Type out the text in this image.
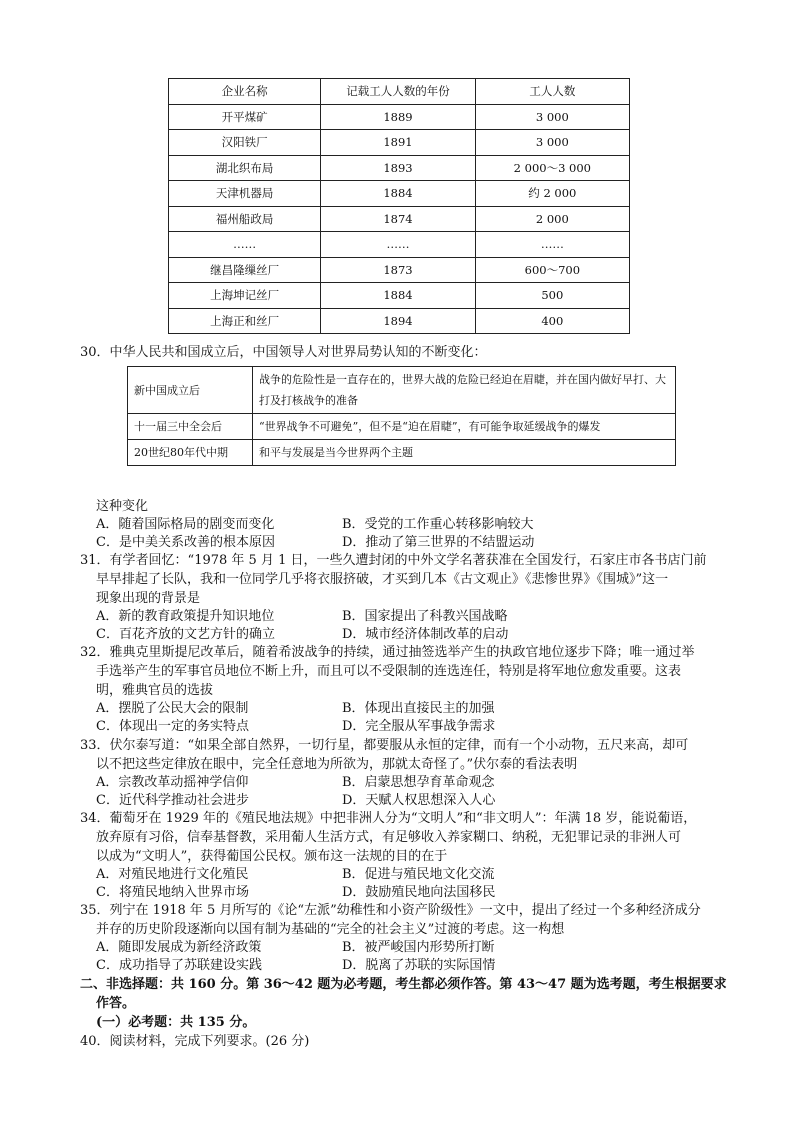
企业名称	记载工人人数的年份	工人人数
开平煤矿	1889	3 000
汉阳铁厂	1891	3 000
湖北织布局	1893	2 000～3 000
天津机器局	1884	约 2 000
福州船政局	1874	2 000
……	……	……
继昌隆缫丝厂	1873	600～700
上海坤记丝厂	1884	500
上海正和丝厂	1894	400
30．中华人民共和国成立后，中国领导人对世界局势认知的不断变化：
新中国成立后	战争的危险性是一直存在的，世界大战的危险已经迫在眉睫，并在国内做好早打、大打及打核战争的准备
十一届三中全会后	“世界战争不可避免”，但不是“迫在眉睫”，有可能争取延缓战争的爆发
20世纪80年代中期	和平与发展是当今世界两个主题
这种变化
A．随着国际格局的剧变而变化	B．受党的工作重心转移影响较大
C．是中美关系改善的根本原因	D．推动了第三世界的不结盟运动
31．有学者回忆：“1978 年 5 月 1 日，一些久遭封闭的中外文学名著获准在全国发行，石家庄市各书店门前
早早排起了长队，我和一位同学几乎将衣服挤破，才买到几本《古文观止》《悲惨世界》《围城》”这一
现象出现的背景是
A．新的教育政策提升知识地位	B．国家提出了科教兴国战略
C．百花齐放的文艺方针的确立	D．城市经济体制改革的启动
32．雅典克里斯提尼改革后，随着希波战争的持续，通过抽签选举产生的执政官地位逐步下降；唯一通过举
手选举产生的军事官员地位不断上升，而且可以不受限制的连选连任，特别是将军地位愈发重要。这表
明，雅典官员的选拔
A．摆脱了公民大会的限制	B．体现出直接民主的加强
C．体现出一定的务实特点	D．完全服从军事战争需求
33．伏尔泰写道：“如果全部自然界，一切行星，都要服从永恒的定律，而有一个小动物，五尺来高，却可
以不把这些定律放在眼中，完全任意地为所欲为，那就太奇怪了。”伏尔泰的看法表明
A．宗教改革动摇神学信仰	B．启蒙思想孕育革命观念
C．近代科学推动社会进步	D．天赋人权思想深入人心
34．葡萄牙在 1929 年的《殖民地法规》中把非洲人分为“文明人”和“非文明人”：年满 18 岁，能说葡语，
放弃原有习俗，信奉基督教，采用葡人生活方式，有足够收入养家糊口、纳税，无犯罪记录的非洲人可
以成为“文明人”，获得葡国公民权。颁布这一法规的目的在于
A．对殖民地进行文化殖民	B．促进与殖民地文化交流
C．将殖民地纳入世界市场	D．鼓励殖民地向法国移民
35．列宁在 1918 年 5 月所写的《论“左派”幼稚性和小资产阶级性》一文中，提出了经过一个多种经济成分
并存的历史阶段逐渐向以国有制为基础的“完全的社会主义”过渡的考虑。这一构想
A．随即发展成为新经济政策	B．被严峻国内形势所打断
C．成功指导了苏联建设实践	D．脱离了苏联的实际国情
二、非选择题：共 160 分。第 36～42 题为必考题，考生都必须作答。第 43～47 题为选考题，考生根据要求
作答。
(一）必考题：共 135 分。
40．阅读材料，完成下列要求。(26 分)
